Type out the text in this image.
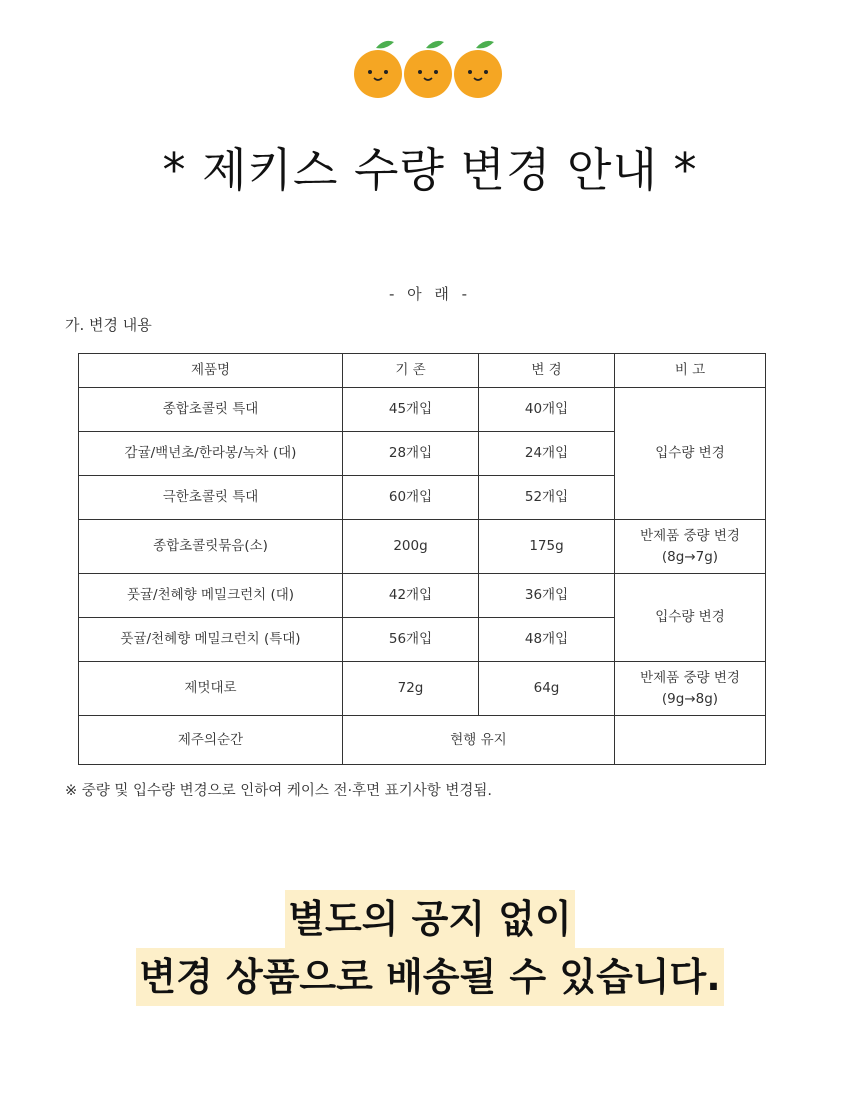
* 제키스 수량 변경 안내 *
- 아 래 -
가. 변경 내용
제품명	기 존	변 경	비 고
종합초콜릿 특대	45개입	40개입	입수량 변경
감귤/백년초/한라봉/녹차 (대)	28개입	24개입	
극한초콜릿 특대	60개입	52개입	
종합초콜릿묶음(소)	200g	175g	반제품 중량 변경
(8g→7g)

풋귤/천혜향 메밀크런치 (대)	42개입	36개입	입수량 변경
풋귤/천혜향 메밀크런치 (특대)	56개입	48개입	
제멋대로	72g	64g	반제품 중량 변경
(9g→8g)

제주의순간	현행 유지		
※ 중량 및 입수량 변경으로 인하여 케이스 전·후면 표기사항 변경됨.
별도의 공지 없이
변경 상품으로 배송될 수 있습니다.
